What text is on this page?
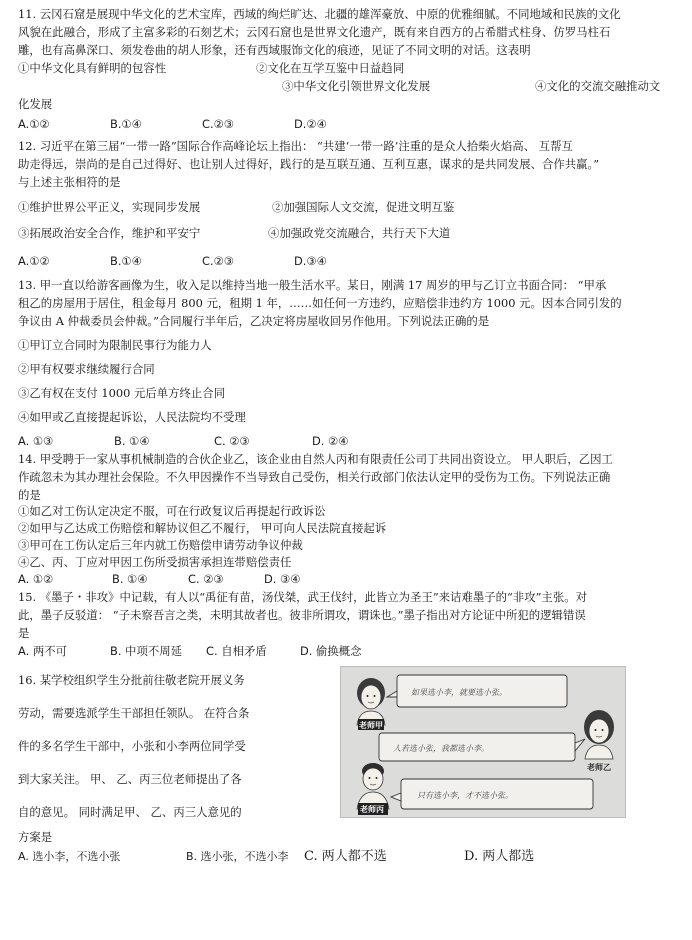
11. 云冈石窟是展现中华文化的艺术宝库，西域的绚烂旷达、北疆的雄浑豪放、中原的优雅细腻。不同地域和民族的文化
风貌在此融合，形成了主富多彩的石刻艺术；云冈石窟也是世界文化遗产，既有来自西方的占希腊式柱身、仿罗马柱石
雕，也有高鼻深口、须发卷曲的胡人形象，还有西域服饰文化的痕迹，见证了不同文明的对话。这表明
①中华文化具有鲜明的包容性	②文化在互学互鉴中日益趋同
③中华文化引领世界文化发展	④文化的交流交融推动文
化发展
A.①②	B.①④	C.②③	D.②④
12. 习近平在第三届“一带一路”国际合作高峰论坛上指出： “共建‘一带一路’注重的是众人拾柴火焰高、 互帮互
助走得远，崇尚的是自己过得好、也让别人过得好，践行的是互联互通、互利互惠，谋求的是共同发展、合作共赢。”
与上述主张相符的是
①维护世界公平正义，实现同步发展	②加强国际人文交流，促进文明互鉴
③拓展政治安全合作，维护和平安宁	④加强政党交流融合，共行天下大道
A.①②	B.①④	C.②③	D.③④
13. 甲一直以给游客画像为生，收入足以维持当地一般生活水平。某日，刚满 17 周岁的甲与乙订立书面合同： “甲承
租乙的房屋用于居住，租金每月 800 元，租期 1 年，……如任何一方违约，应赔偿非违约方 1000 元。因本合同引发的
争议由 A 仲裁委员会仲裁。”合同履行半年后，乙决定将房屋收回另作他用。下列说法正确的是
①甲订立合同时为限制民事行为能力人
②甲有权要求继续履行合同
③乙有权在支付 1000 元后单方终止合同
④如甲或乙直接提起诉讼，人民法院均不受理
A. ①③	B. ①④	C. ②③	D. ②④
14. 甲受聘于一家从事机械制造的合伙企业乙，该企业由自然人丙和有限责任公司丁共同出资设立。 甲人职后，乙因工
作疏忽未为其办理社会保险。不久甲因操作不当导致自己受伤，相关行政部门依法认定甲的受伤为工伤。下列说法正确
的是
①如乙对工伤认定决定不服，可在行政复议后再提起行政诉讼
②如甲与乙达成工伤赔偿和解协议但乙不履行， 甲可向人民法院直接起诉
③甲可在工伤认定后三年内就工伤赔偿申请劳动争议仲裁
④乙、丙、丁应对甲因工伤所受损害承担连带赔偿责任
A. ①②	B. ①④	C. ②③	D. ③④
15. 《墨子・非攻》中记载，有人以“禹征有苗，汤伐桀，武王伐纣，此皆立为圣王”来诘难墨子的“非攻”主张。对
此，墨子反驳道： “子未察吾言之类，未明其故者也。彼非所谓攻，谓诛也。”墨子指出对方论证中所犯的逻辑错误
是
A. 两不可	B. 中项不周延 C. 自相矛盾	D. 偷换概念
16. 某学校组织学生分批前往敬老院开展义务
劳动，需要选派学生干部担任领队。 在符合条
件的多名学生干部中，小张和小李两位同学受
到大家关注。 甲、 乙、丙三位老师提出了各
自的意见。 同时满足甲、 乙、丙三人意见的
方案是
老师甲
如果选小李，就要选小张。
老师乙
人若选小张，我都选小李。
老师丙
只有选小李，才不选小张。
A. 选小李，不选小张	B. 选小张，不选小李 C. 两人都不选	D. 两人都选
